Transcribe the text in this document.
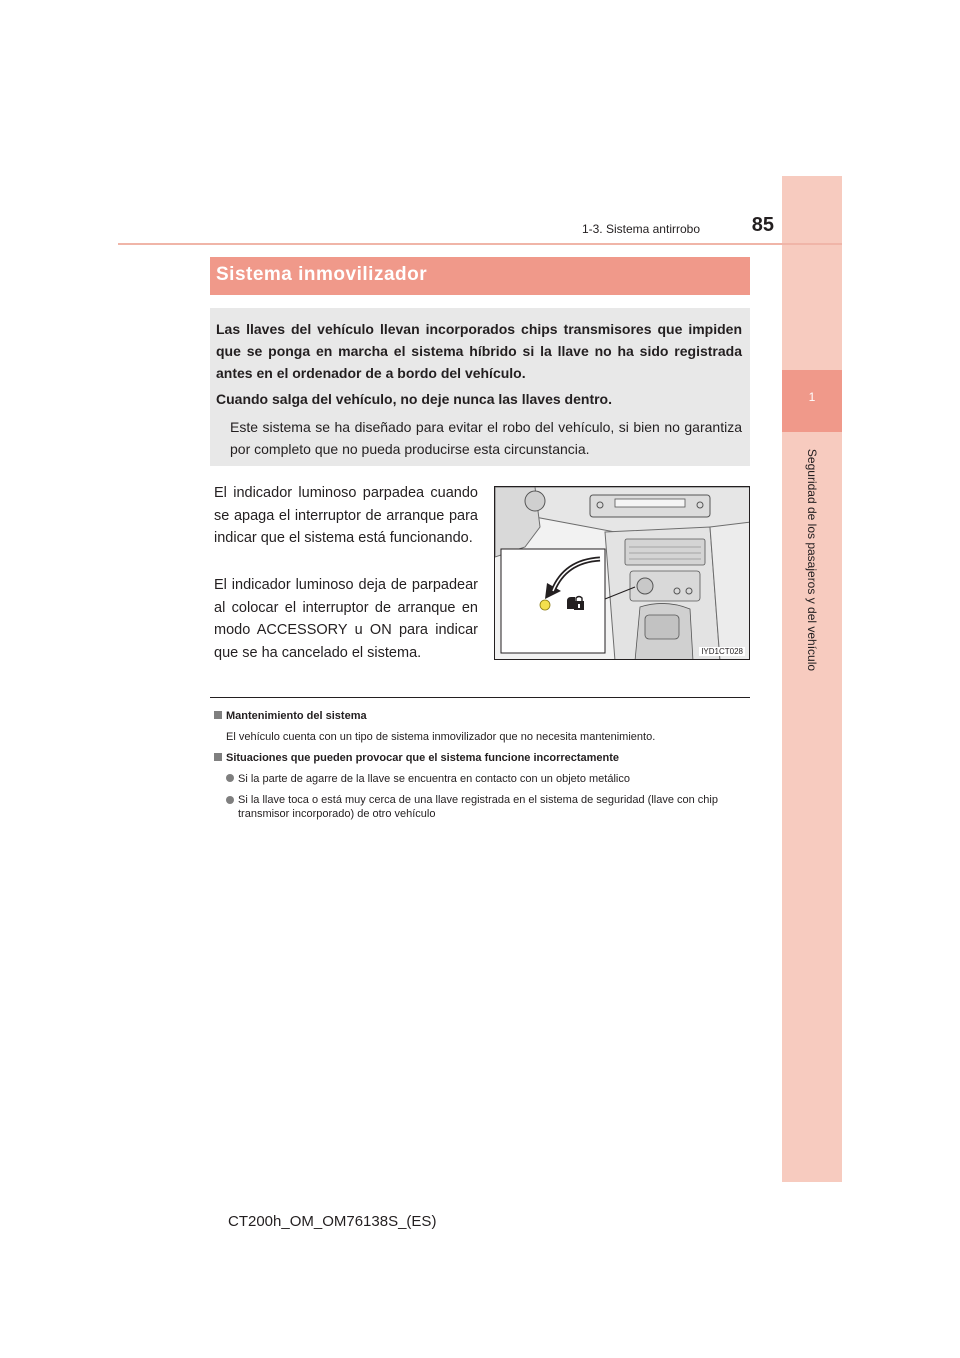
1
Seguridad de los pasajeros y del vehículo
1-3. Sistema antirrobo	85
Sistema inmovilizador
Las llaves del vehículo llevan incorporados chips transmisores que impiden que se ponga en marcha el sistema híbrido si la llave no ha sido registrada antes en el ordenador de a bordo del vehículo.
Cuando salga del vehículo, no deje nunca las llaves dentro.
Este sistema se ha diseñado para evitar el robo del vehículo, si bien no garantiza por completo que no pueda producirse esta circunstancia.
El indicador luminoso parpadea cuando se apaga el interruptor de arranque para indicar que el sistema está funcionando.
El indicador luminoso deja de parpadear al colocar el interruptor de arranque en modo ACCESSORY u ON para indicar que se ha cancelado el sistema.	IYD1CT028
Mantenimiento del sistema
El vehículo cuenta con un tipo de sistema inmovilizador que no necesita mantenimiento.
Situaciones que pueden provocar que el sistema funcione incorrectamente
Si la parte de agarre de la llave se encuentra en contacto con un objeto metálico
Si la llave toca o está muy cerca de una llave registrada en el sistema de seguridad (llave con chip transmisor incorporado) de otro vehículo
CT200h_OM_OM76138S_(ES)
